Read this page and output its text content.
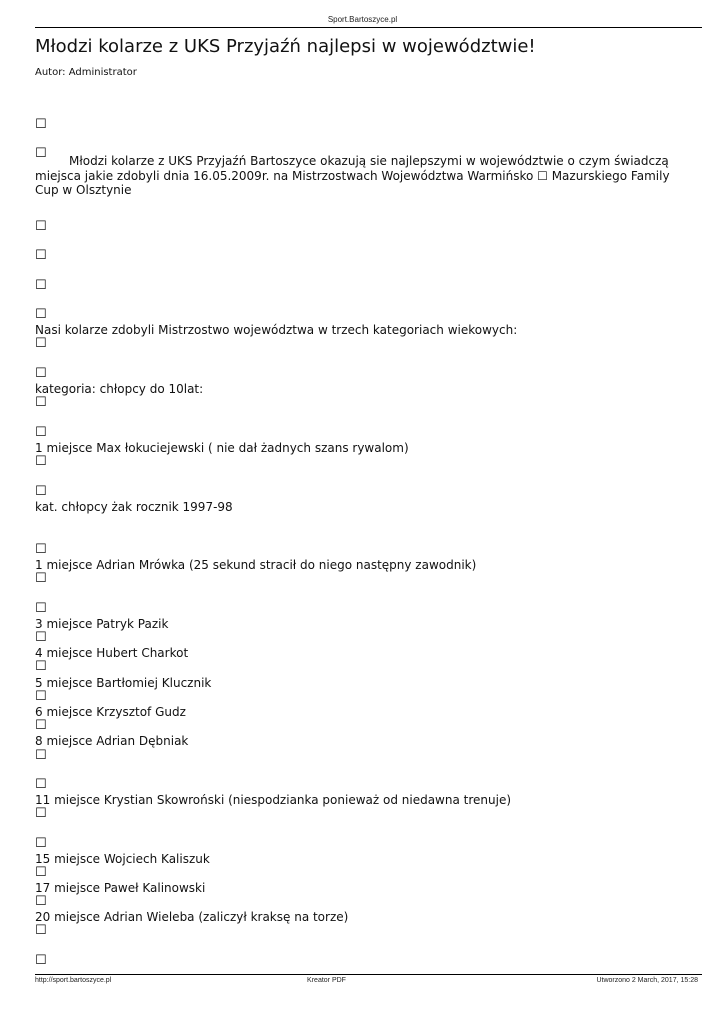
Sport.Bartoszyce.pl
Młodzi kolarze z UKS Przyjaźń najlepsi w województwie!
Autor: Administrator
☐
☐	Młodzi kolarze z UKS Przyjaźń Bartoszyce okazują sie najlepszymi w województwie o czym świadczą miejsca jakie zdobyli dnia 16.05.2009r. na Mistrzostwach Województwa Warmińsko ☐ Mazurskiego Family Cup w Olsztynie

☐
☐
☐
☐
Nasi kolarze zdobyli Mistrzostwo województwa w trzech kategoriach wiekowych:
☐
☐
kategoria: chłopcy do 10lat:
☐
☐
1 miejsce Max łokuciejewski ( nie dał żadnych szans rywalom)
☐
☐
kat. chłopcy żak rocznik 1997-98
☐
1 miejsce Adrian Mrówka (25 sekund stracił do niego następny zawodnik)
☐
☐
3 miejsce Patryk Pazik
☐
4 miejsce Hubert Charkot
☐
5 miejsce Bartłomiej Klucznik
☐
6 miejsce Krzysztof Gudz
☐
8 miejsce Adrian Dębniak
☐
☐
11 miejsce Krystian Skowroński (niespodzianka ponieważ od niedawna trenuje)
☐
☐
15 miejsce Wojciech Kaliszuk
☐
17 miejsce Paweł Kalinowski
☐
20 miejsce Adrian Wieleba (zaliczył kraksę na torze)
☐
☐
http://sport.bartoszyce.pl	Kreator PDF	Utworzono 2 March, 2017, 15:28
